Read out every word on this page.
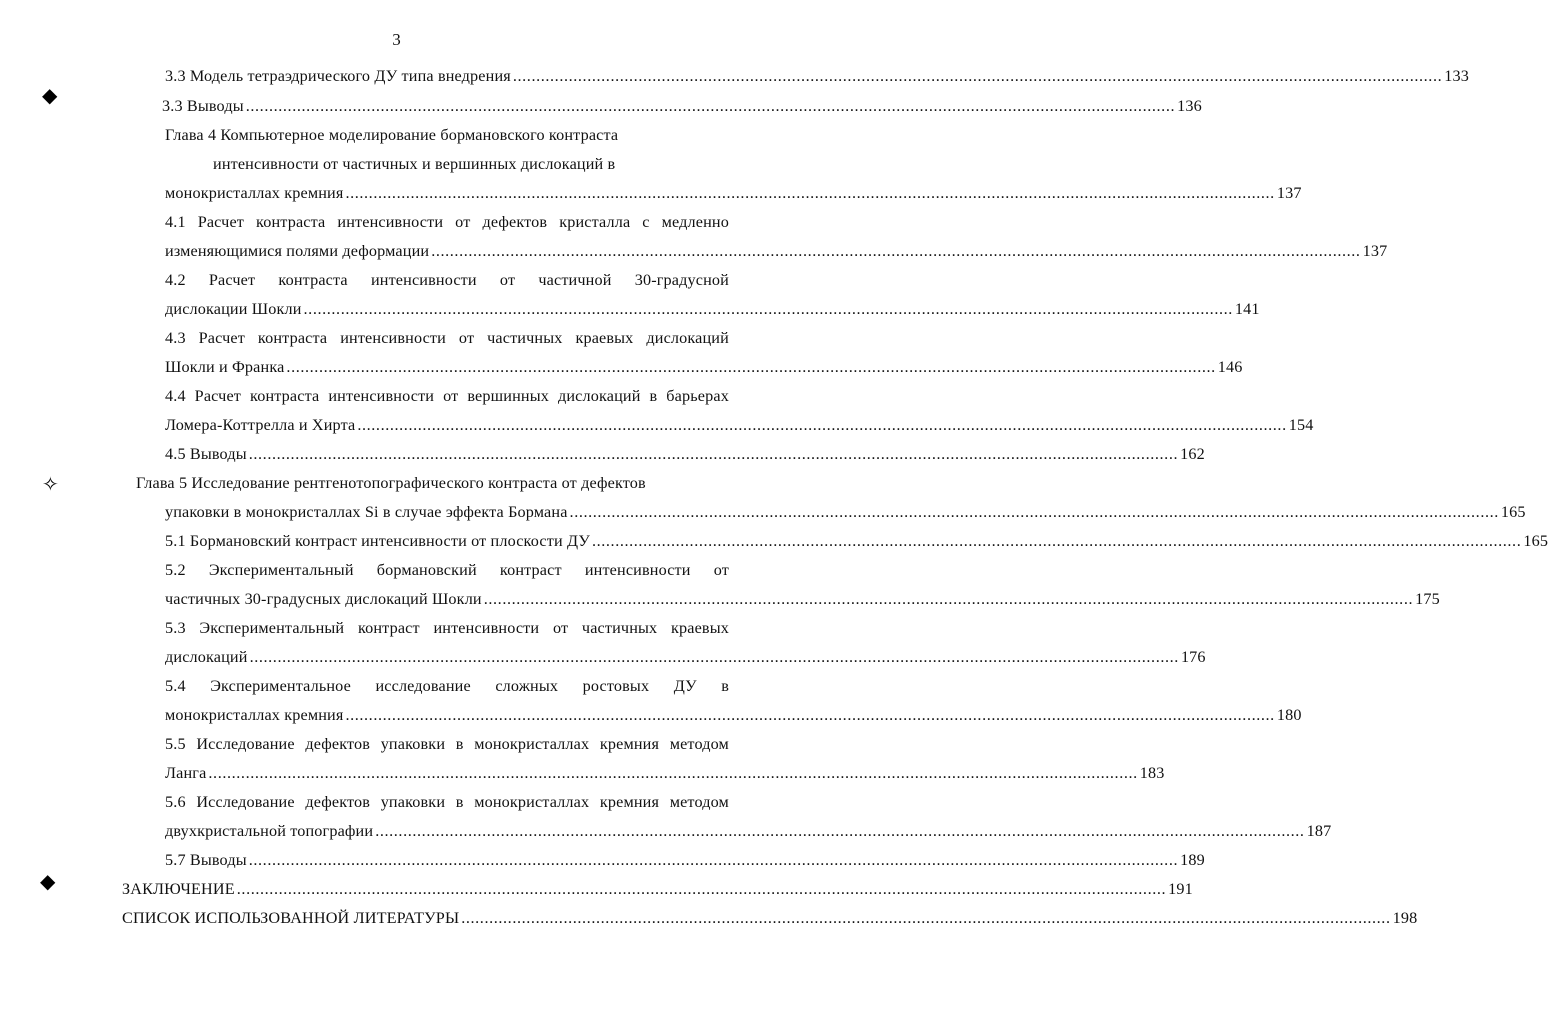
3
◆
✧
◆
3.3 Модель тетраэдрического ДУ типа внедрения ........................................................................................................................................................................................................ 133
3.3 Выводы ........................................................................................................................................................................................................ 136
Глава 4 Компьютерное моделирование бормановского контраста
интенсивности от частичных и вершинных дислокаций в
монокристаллах кремния ........................................................................................................................................................................................................ 137
4.1 Расчет контраста интенсивности от дефектов кристалла с медленно
изменяющимися полями деформации ........................................................................................................................................................................................................ 137
4.2 Расчет контраста интенсивности от частичной 30-градусной
дислокации Шокли ........................................................................................................................................................................................................ 141
4.3 Расчет контраста интенсивности от частичных краевых дислокаций
Шокли и Франка ........................................................................................................................................................................................................ 146
4.4 Расчет контраста интенсивности от вершинных дислокаций в барьерах
Ломера-Коттрелла и Хирта ........................................................................................................................................................................................................ 154
4.5 Выводы ........................................................................................................................................................................................................ 162
Глава 5 Исследование рентгенотопографического контраста от дефектов
упаковки в монокристаллах Si в случае эффекта Бормана ........................................................................................................................................................................................................ 165
5.1 Бормановский контраст интенсивности от плоскости ДУ ........................................................................................................................................................................................................ 165
5.2 Экспериментальный бормановский контраст интенсивности от
частичных 30-градусных дислокаций Шокли ........................................................................................................................................................................................................ 175
5.3 Экспериментальный контраст интенсивности от частичных краевых
дислокаций ........................................................................................................................................................................................................ 176
5.4 Экспериментальное исследование сложных ростовых ДУ в
монокристаллах кремния ........................................................................................................................................................................................................ 180
5.5 Исследование дефектов упаковки в монокристаллах кремния методом
Ланга ........................................................................................................................................................................................................ 183
5.6 Исследование дефектов упаковки в монокристаллах кремния методом
двухкристальной топографии ........................................................................................................................................................................................................ 187
5.7 Выводы ........................................................................................................................................................................................................ 189
ЗАКЛЮЧЕНИЕ ........................................................................................................................................................................................................ 191
СПИСОК ИСПОЛЬЗОВАННОЙ ЛИТЕРАТУРЫ ........................................................................................................................................................................................................ 198
